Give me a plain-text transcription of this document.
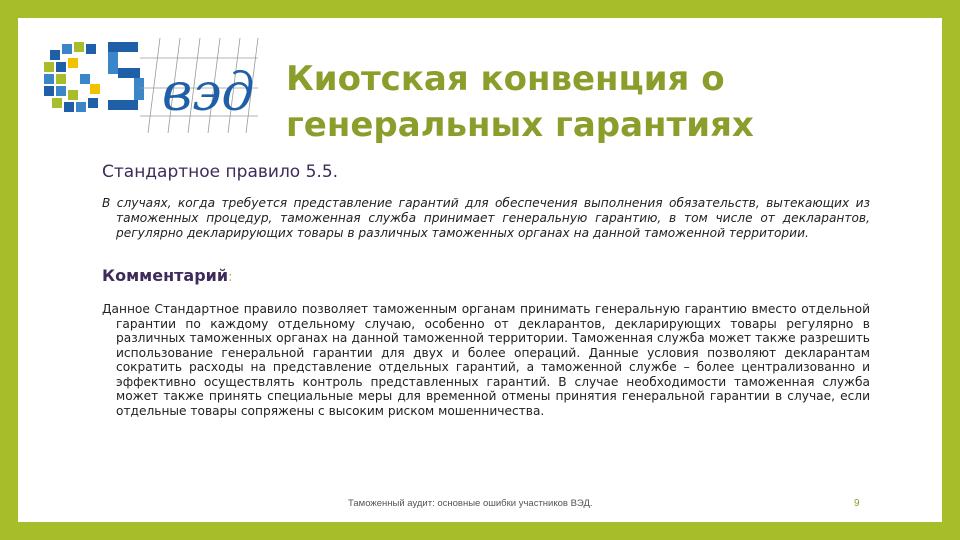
вэд Киотская конвенция о
генеральных гарантиях
Стандартное правило 5.5.
В случаях, когда требуется представление гарантий для обеспечения выполнения обязательств, вытекающих из таможенных процедур, таможенная служба принимает генеральную гарантию, в том числе от декларантов, регулярно декларирующих товары в различных таможенных органах на данной таможенной территории.
Комментарий:
Данное Стандартное правило позволяет таможенным органам принимать генеральную гарантию вместо отдельной гарантии по каждому отдельному случаю, особенно от декларантов, декларирующих товары регулярно в различных таможенных органах на данной таможенной территории. Таможенная служба может также разрешить использование генеральной гарантии для двух и более операций. Данные условия позволяют декларантам сократить расходы на представление отдельных гарантий, а таможенной службе – более централизованно и эффективно осуществлять контроль представленных гарантий. В случае необходимости таможенная служба может также принять специальные меры для временной отмены принятия генеральной гарантии в случае, если отдельные товары сопряжены с высоким риском мошенничества.
Таможенный аудит: основные ошибки участников ВЭД.	9
